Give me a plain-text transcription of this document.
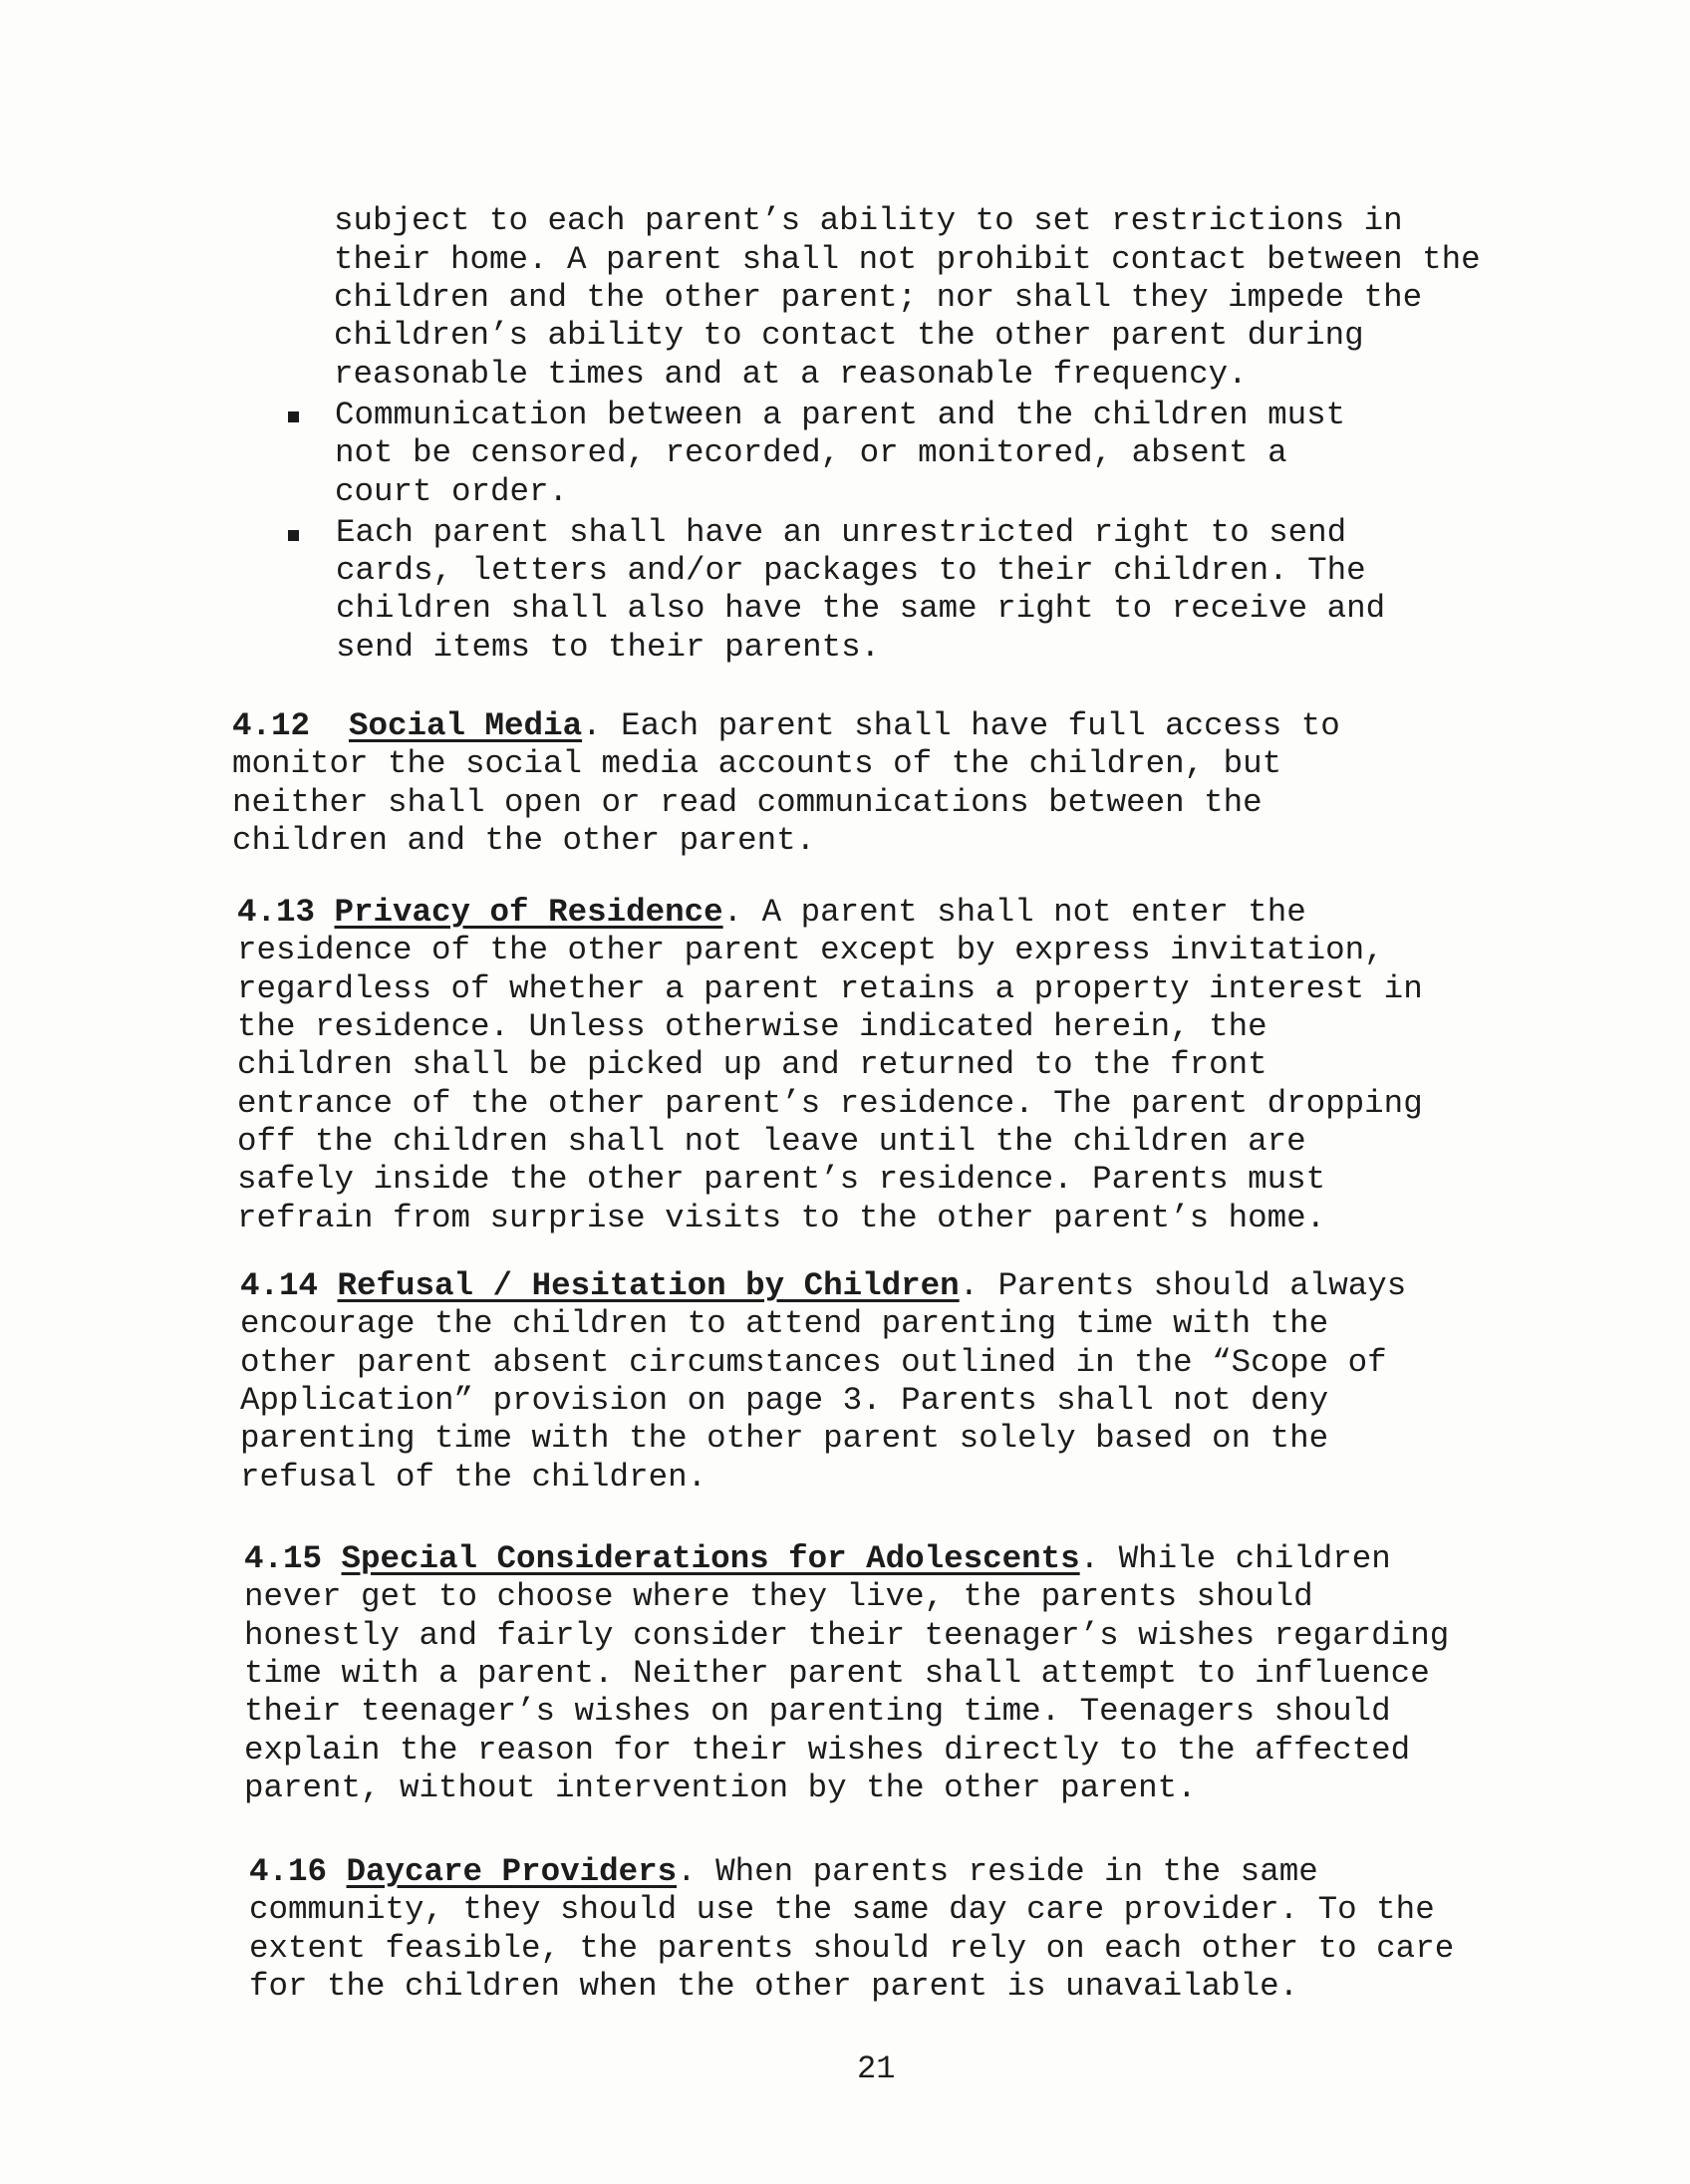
subject to each parent’s ability to set restrictions in
their home. A parent shall not prohibit contact between the
children and the other parent; nor shall they impede the
children’s ability to contact the other parent during
reasonable times and at a reasonable frequency.
Communication between a parent and the children must
not be censored, recorded, or monitored, absent a
court order.
Each parent shall have an unrestricted right to send
cards, letters and/or packages to their children. The
children shall also have the same right to receive and
send items to their parents.
4.12 Social Media. Each parent shall have full access to
monitor the social media accounts of the children, but
neither shall open or read communications between the
children and the other parent.
4.13 Privacy of Residence. A parent shall not enter the
residence of the other parent except by express invitation,
regardless of whether a parent retains a property interest in
the residence. Unless otherwise indicated herein, the
children shall be picked up and returned to the front
entrance of the other parent’s residence. The parent dropping
off the children shall not leave until the children are
safely inside the other parent’s residence. Parents must
refrain from surprise visits to the other parent’s home.
4.14 Refusal / Hesitation by Children. Parents should always
encourage the children to attend parenting time with the
other parent absent circumstances outlined in the “Scope of
Application” provision on page 3. Parents shall not deny
parenting time with the other parent solely based on the
refusal of the children.
4.15 Special Considerations for Adolescents. While children
never get to choose where they live, the parents should
honestly and fairly consider their teenager’s wishes regarding
time with a parent. Neither parent shall attempt to influence
their teenager’s wishes on parenting time. Teenagers should
explain the reason for their wishes directly to the affected
parent, without intervention by the other parent.
4.16 Daycare Providers. When parents reside in the same
community, they should use the same day care provider. To the
extent feasible, the parents should rely on each other to care
for the children when the other parent is unavailable.
21
